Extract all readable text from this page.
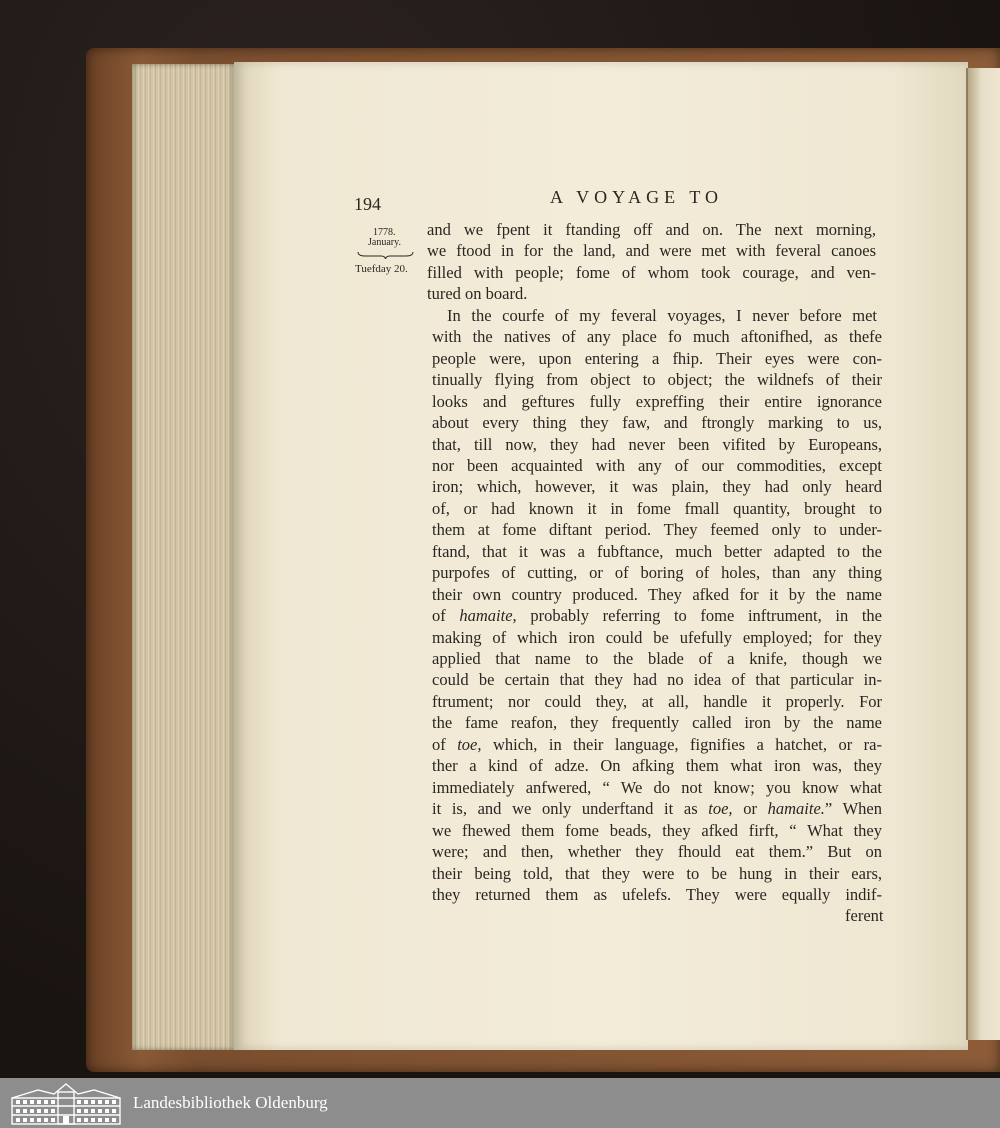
194	A VOYAGE TO
1778.
January.
Tuefday 20.
and we fpent it ftanding off and on. The next morning,
we ftood in for the land, and were met with feveral canoes
filled with people; fome of whom took courage, and ven-
tured on board.
In the courfe of my feveral voyages, I never before met
with the natives of any place fo much aftonifhed, as thefe
people were, upon entering a fhip. Their eyes were con-
tinually flying from object to object; the wildnefs of their
looks and geftures fully expreffing their entire ignorance
about every thing they faw, and ftrongly marking to us,
that, till now, they had never been vifited by Europeans,
nor been acquainted with any of our commodities, except
iron; which, however, it was plain, they had only heard
of, or had known it in fome fmall quantity, brought to
them at fome diftant period. They feemed only to under-
ftand, that it was a fubftance, much better adapted to the
purpofes of cutting, or of boring of holes, than any thing
their own country produced. They afked for it by the name
of hamaite, probably referring to fome inftrument, in the
making of which iron could be ufefully employed; for they
applied that name to the blade of a knife, though we
could be certain that they had no idea of that particular in-
ftrument; nor could they, at all, handle it properly. For
the fame reafon, they frequently called iron by the name
of toe, which, in their language, fignifies a hatchet, or ra-
ther a kind of adze. On afking them what iron was, they
immediately anfwered, “ We do not know; you know what
it is, and we only underftand it as toe, or hamaite.” When
we fhewed them fome beads, they afked firft, “ What they
were; and then, whether they fhould eat them.” But on
their being told, that they were to be hung in their ears,
they returned them as ufelefs. They were equally indif-
ferent
Landesbibliothek Oldenburg
